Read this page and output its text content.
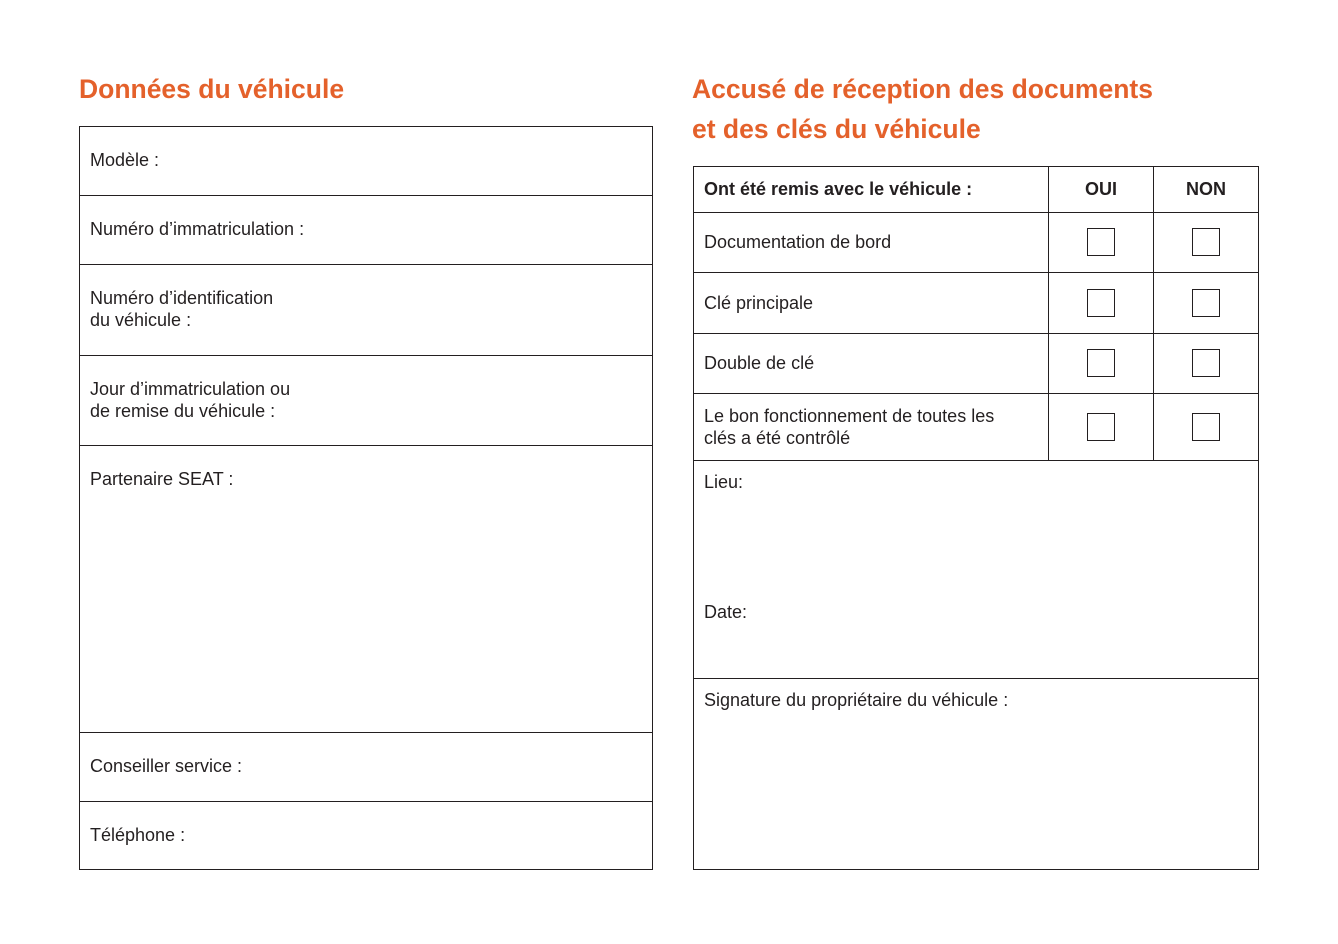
Données du véhicule
Modèle :
Numéro d’immatriculation :
Numéro d’identification
du véhicule :
Jour d’immatriculation ou
de remise du véhicule :
Partenaire SEAT :
Conseiller service :
Téléphone :
Accusé de réception des documents
et des clés du véhicule
Ont été remis avec le véhicule :	OUI	NON
Documentation de bord
Clé principale
Double de clé
Le bon fonctionnement de toutes les
clés a été contrôlé
Lieu:
Date:
Signature du propriétaire du véhicule :
